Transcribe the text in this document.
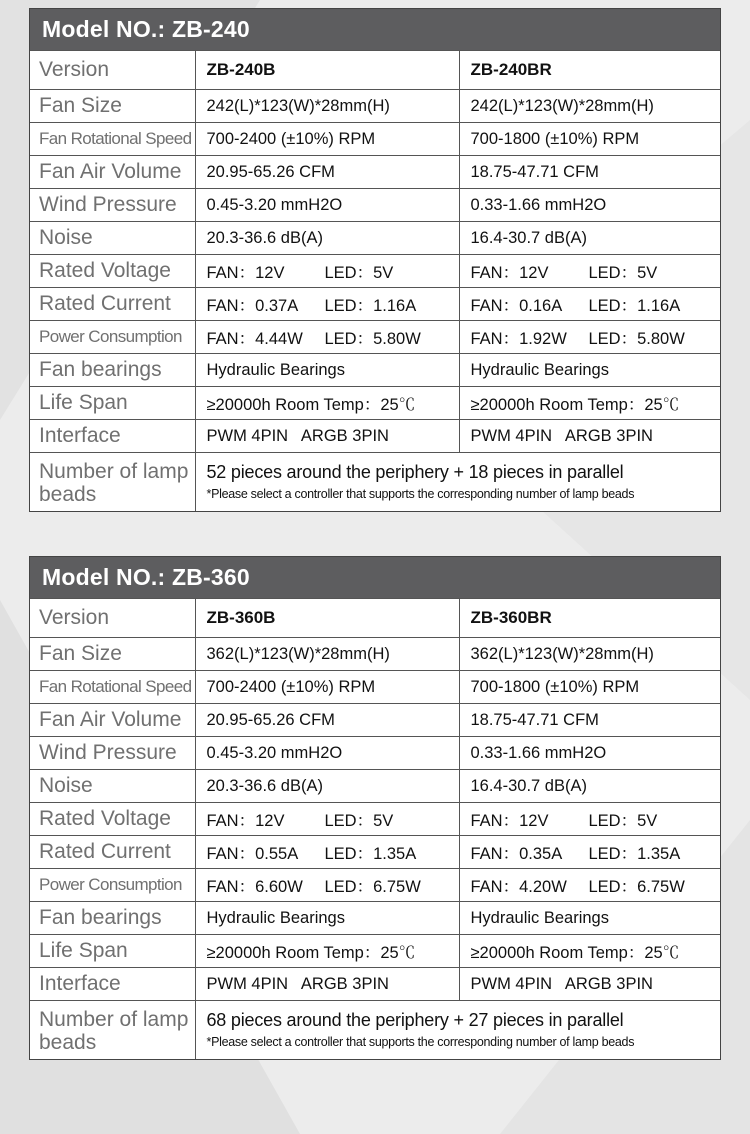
Model NO.: ZB-240
Version	ZB-240B	ZB-240BR
Fan Size	242(L)*123(W)*28mm(H)	242(L)*123(W)*28mm(H)
Fan Rotational Speed	700-2400 (±10%) RPM	700-1800 (±10%) RPM
Fan Air Volume	20.95-65.26 CFM	18.75-47.71 CFM
Wind Pressure	0.45-3.20 mmH2O	0.33-1.66 mmH2O
Noise	20.3-36.6 dB(A)	16.4-30.7 dB(A)
Rated Voltage	FAN：12V LED：5V	FAN：12V LED：5V
Rated Current	FAN：0.37A LED：1.16A	FAN：0.16A LED：1.16A
Power Consumption	FAN：4.44W LED：5.80W	FAN：1.92W LED：5.80W
Fan bearings	Hydraulic Bearings	Hydraulic Bearings
Life Span	≥20000h Room Temp：25℃	≥20000h Room Temp：25℃
Interface	PWM 4PIN   ARGB 3PIN	PWM 4PIN   ARGB 3PIN
Number of lamp beads	52 pieces around the periphery + 18 pieces in parallel
*Please select a controller that supports the corresponding number of lamp beads	
Model NO.: ZB-360
Version	ZB-360B	ZB-360BR
Fan Size	362(L)*123(W)*28mm(H)	362(L)*123(W)*28mm(H)
Fan Rotational Speed	700-2400 (±10%) RPM	700-1800 (±10%) RPM
Fan Air Volume	20.95-65.26 CFM	18.75-47.71 CFM
Wind Pressure	0.45-3.20 mmH2O	0.33-1.66 mmH2O
Noise	20.3-36.6 dB(A)	16.4-30.7 dB(A)
Rated Voltage	FAN：12V LED：5V	FAN：12V LED：5V
Rated Current	FAN：0.55A LED：1.35A	FAN：0.35A LED：1.35A
Power Consumption	FAN：6.60W LED：6.75W	FAN：4.20W LED：6.75W
Fan bearings	Hydraulic Bearings	Hydraulic Bearings
Life Span	≥20000h Room Temp：25℃	≥20000h Room Temp：25℃
Interface	PWM 4PIN   ARGB 3PIN	PWM 4PIN   ARGB 3PIN
Number of lamp beads	68 pieces around the periphery + 27 pieces in parallel
*Please select a controller that supports the corresponding number of lamp beads	
